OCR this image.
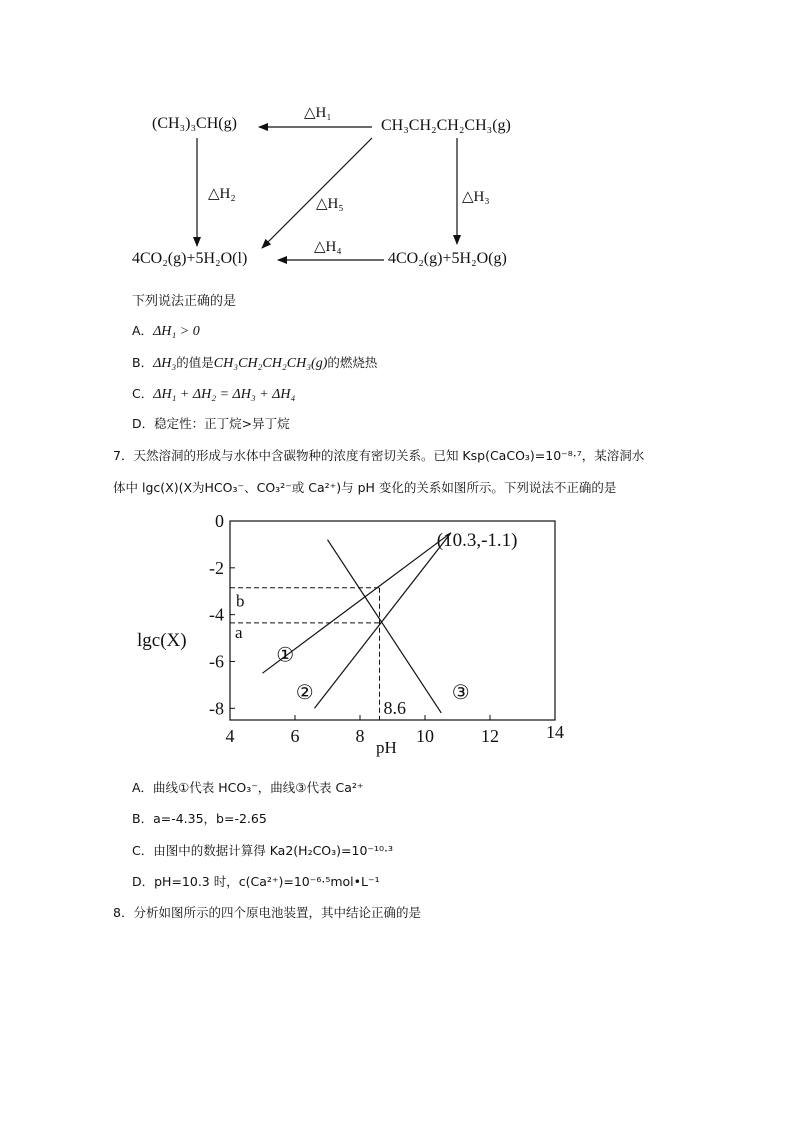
(CH₃)₃CH(g)	CH₃CH₂CH₂CH₃(g)
4CO₂(g)+5H₂O(l)	4CO₂(g)+5H₂O(g)
△H₁
△H₂	△H₃
△H₄
△H₅
下列说法正确的是
A．ΔH₁ > 0
B．ΔH₃的值是CH₃CH₂CH₂CH₃(g)的燃烧热
C．ΔH₁ + ΔH₂ = ΔH₃ + ΔH₄
D．稳定性：正丁烷>异丁烷
7．天然溶洞的形成与水体中含碳物种的浓度有密切关系。已知 Ksp(CaCO₃)=10⁻⁸·⁷，某溶洞水
体中 lgc(X)(X为HCO₃⁻、CO₃²⁻或 Ca²⁺)与 pH 变化的关系如图所示。下列说法不正确的是
0
-2
-4
-6
-8
4	6	8	10	12	14
①
②	③
b
a
8.6
(10.3,-1.1)
lgc(X)
pH
A．曲线①代表 HCO₃⁻，曲线③代表 Ca²⁺
B．a=-4.35，b=-2.65
C．由图中的数据计算得 Ka2(H₂CO₃)=10⁻¹⁰·³
D．pH=10.3 时，c(Ca²⁺)=10⁻⁶·⁵mol•L⁻¹
8．分析如图所示的四个原电池装置，其中结论正确的是
